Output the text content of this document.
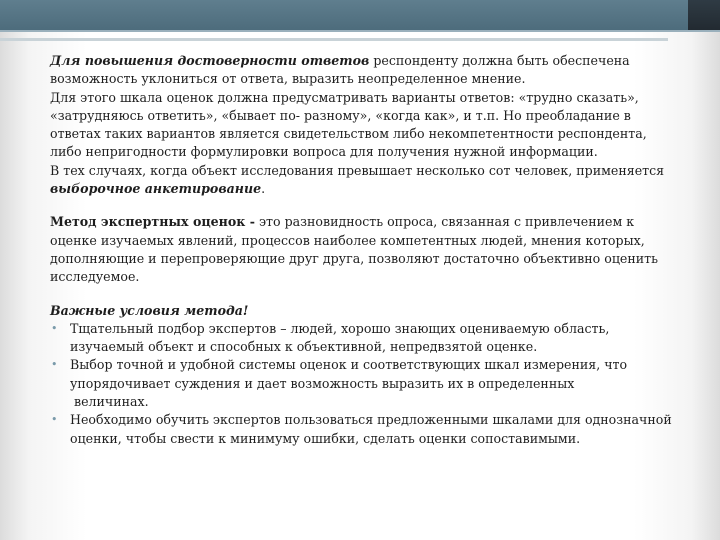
Для повышения достоверности ответов респонденту должна быть обеспечена возможность уклониться от ответа, выразить неопределенное мнение.

Для этого шкала оценок должна предусматривать варианты ответов: «трудно сказать», «затрудняюсь ответить», «бывает по- разному», «когда как», и т.п. Но преобладание в ответах таких вариантов является свидетельством либо некомпетентности респондента, либо непригодности формулировки вопроса для получения нужной информации.

В тех случаях, когда объект исследования превышает несколько сот человек, применяется выборочное анкетирование.

Метод экспертных оценок - это разновидность опроса, связанная с привлечением к оценке изучаемых явлений, процессов наиболее компетентных людей, мнения которых, дополняющие и перепроверяющие друг друга, позволяют достаточно объективно оценить исследуемое.

Важные условия метода!

• Тщательный подбор экспертов – людей, хорошо знающих оцениваемую область, изучаемый объект и способных к объективной, непредвзятой оценке.
• Выбор точной и удобной системы оценок и соответствующих шкал измерения, что упорядочивает суждения и дает возможность выразить их в определенных
величинах.
• Необходимо обучить экспертов пользоваться предложенными шкалами для однозначной оценки, чтобы свести к минимуму ошибки, сделать оценки сопоставимыми.
